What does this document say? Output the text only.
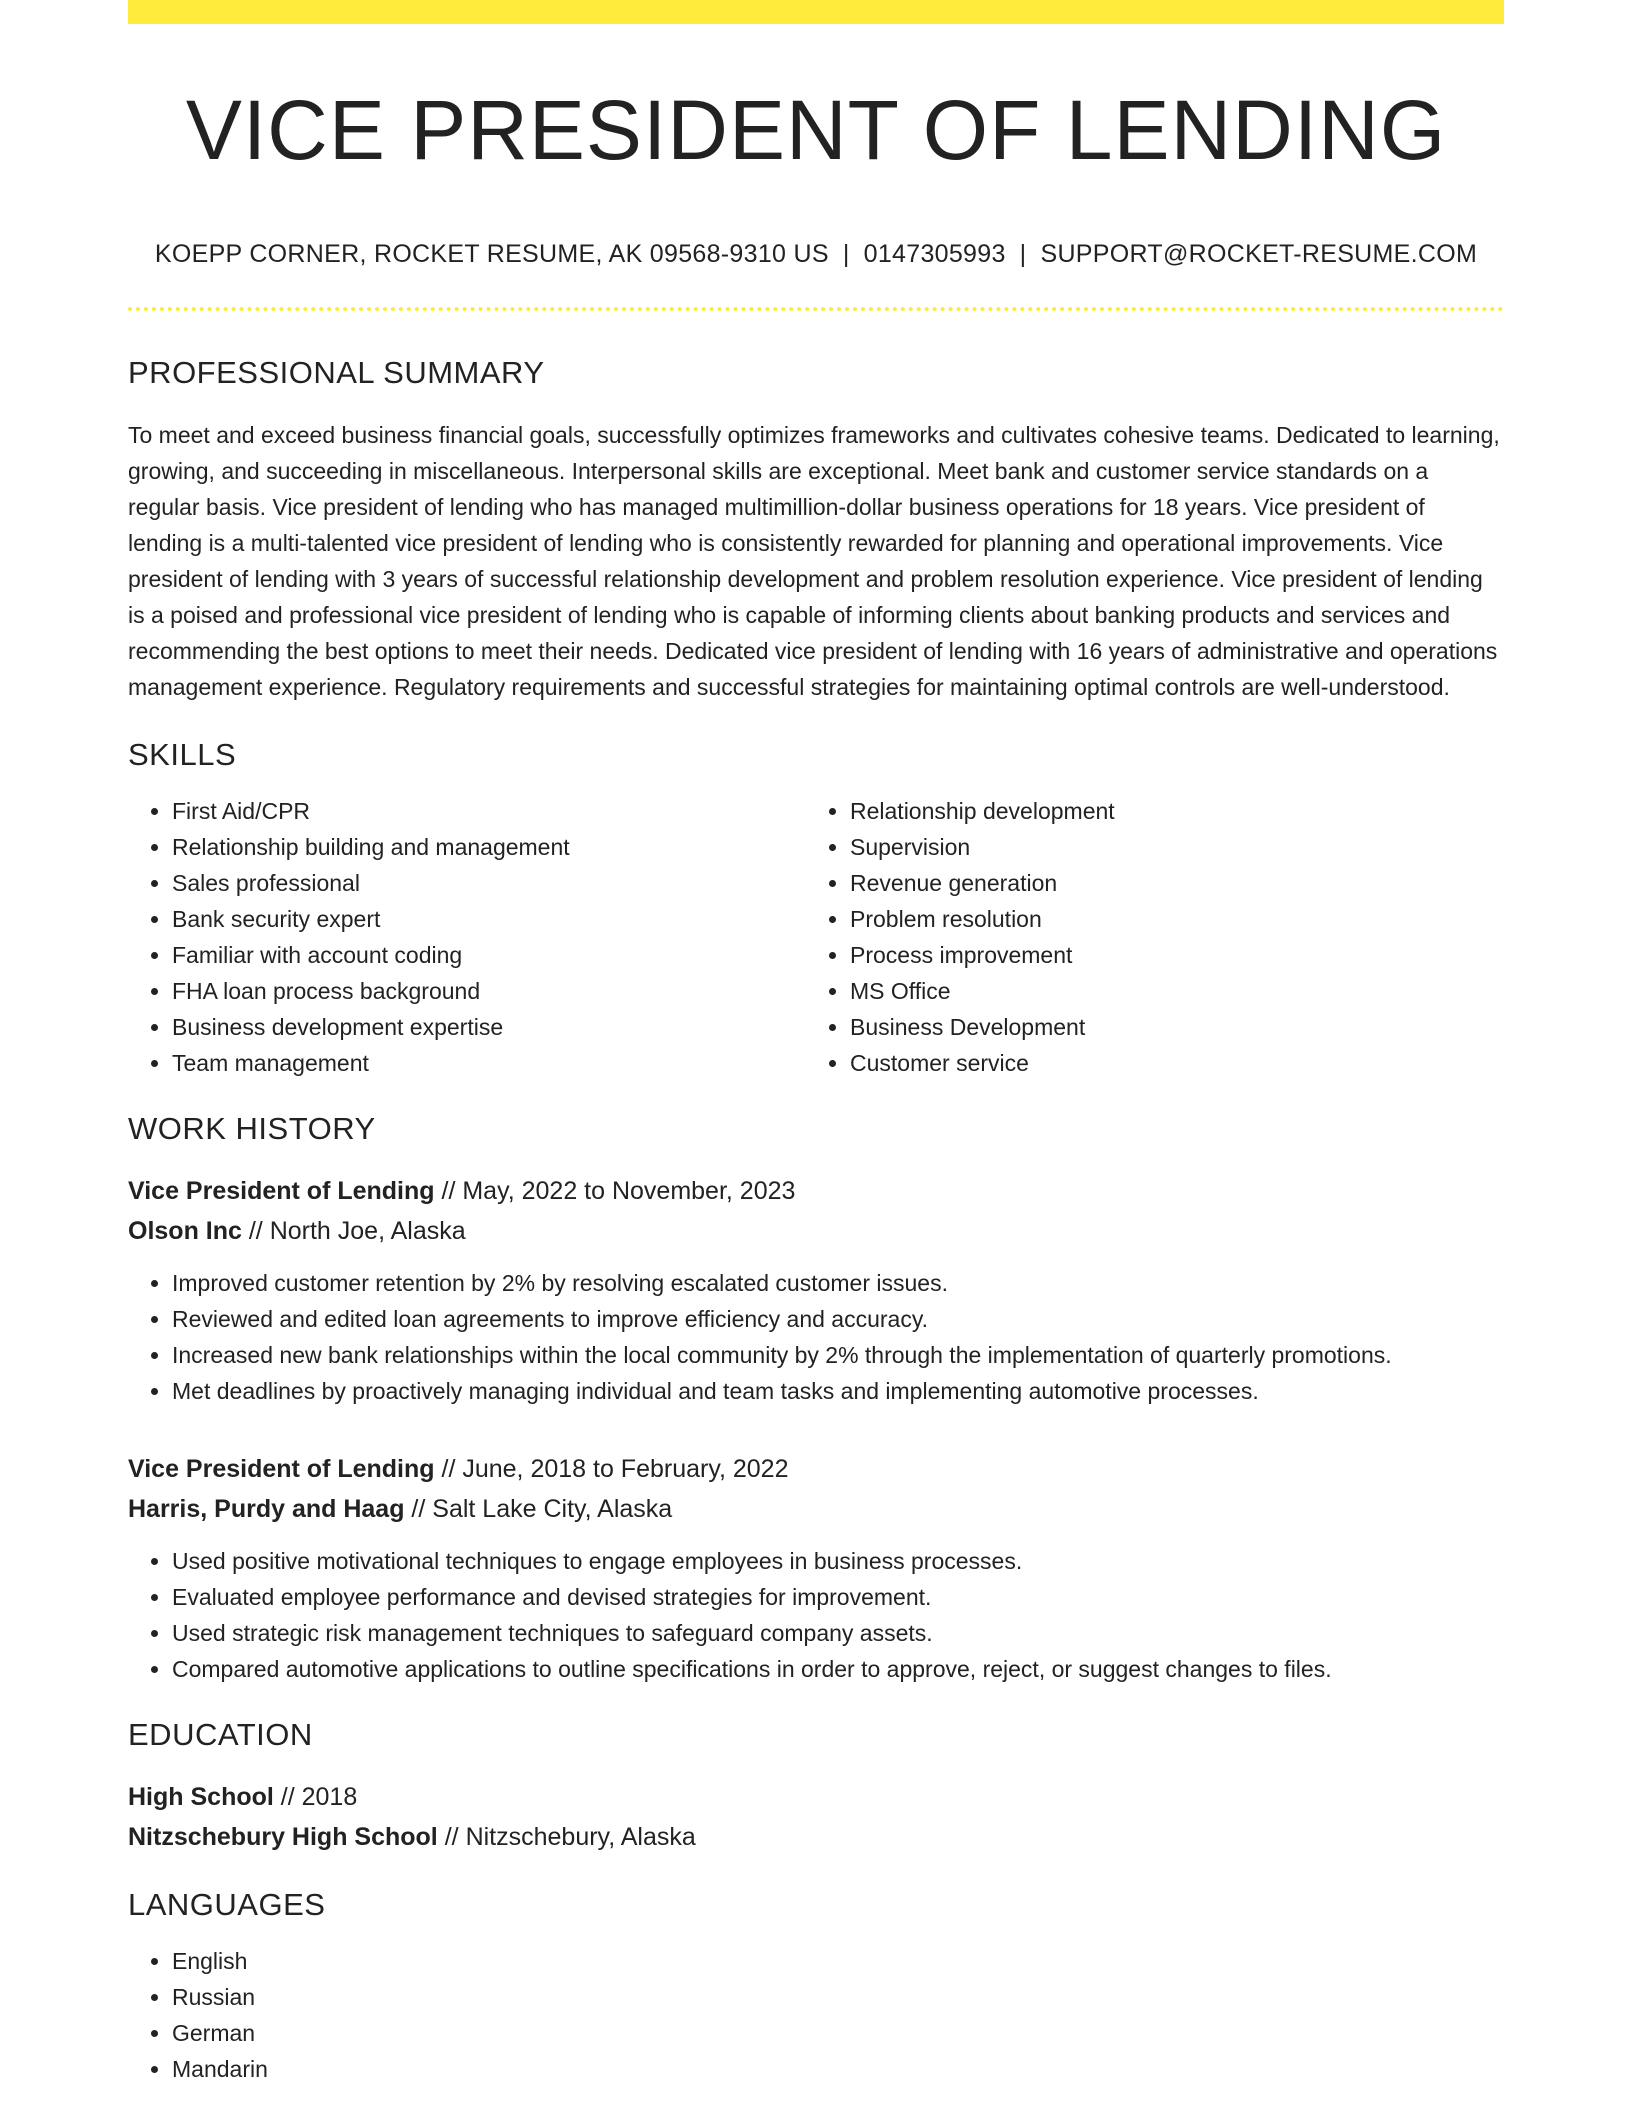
VICE PRESIDENT OF LENDING
KOEPP CORNER, ROCKET RESUME, AK 09568-9310 US | 0147305993 | SUPPORT@ROCKET-RESUME.COM
PROFESSIONAL SUMMARY
To meet and exceed business financial goals, successfully optimizes frameworks and cultivates cohesive teams. Dedicated to learning, growing, and succeeding in miscellaneous. Interpersonal skills are exceptional. Meet bank and customer service standards on a regular basis. Vice president of lending who has managed multimillion-dollar business operations for 18 years. Vice president of lending is a multi-talented vice president of lending who is consistently rewarded for planning and operational improvements. Vice president of lending with 3 years of successful relationship development and problem resolution experience. Vice president of lending is a poised and professional vice president of lending who is capable of informing clients about banking products and services and recommending the best options to meet their needs. Dedicated vice president of lending with 16 years of administrative and operations management experience. Regulatory requirements and successful strategies for maintaining optimal controls are well-understood.
SKILLS
• First Aid/CPR
• Relationship building and management
• Sales professional
• Bank security expert
• Familiar with account coding
• FHA loan process background
• Business development expertise
• Team management
• Relationship development
• Supervision
• Revenue generation
• Problem resolution
• Process improvement
• MS Office
• Business Development
• Customer service
WORK HISTORY
Vice President of Lending // May, 2022 to November, 2023
Olson Inc // North Joe, Alaska
• Improved customer retention by 2% by resolving escalated customer issues.
• Reviewed and edited loan agreements to improve efficiency and accuracy.
• Increased new bank relationships within the local community by 2% through the implementation of quarterly promotions.
• Met deadlines by proactively managing individual and team tasks and implementing automotive processes.
Vice President of Lending // June, 2018 to February, 2022
Harris, Purdy and Haag // Salt Lake City, Alaska
• Used positive motivational techniques to engage employees in business processes.
• Evaluated employee performance and devised strategies for improvement.
• Used strategic risk management techniques to safeguard company assets.
• Compared automotive applications to outline specifications in order to approve, reject, or suggest changes to files.
EDUCATION
High School // 2018
Nitzschebury High School // Nitzschebury, Alaska
LANGUAGES
• English
• Russian
• German
• Mandarin
